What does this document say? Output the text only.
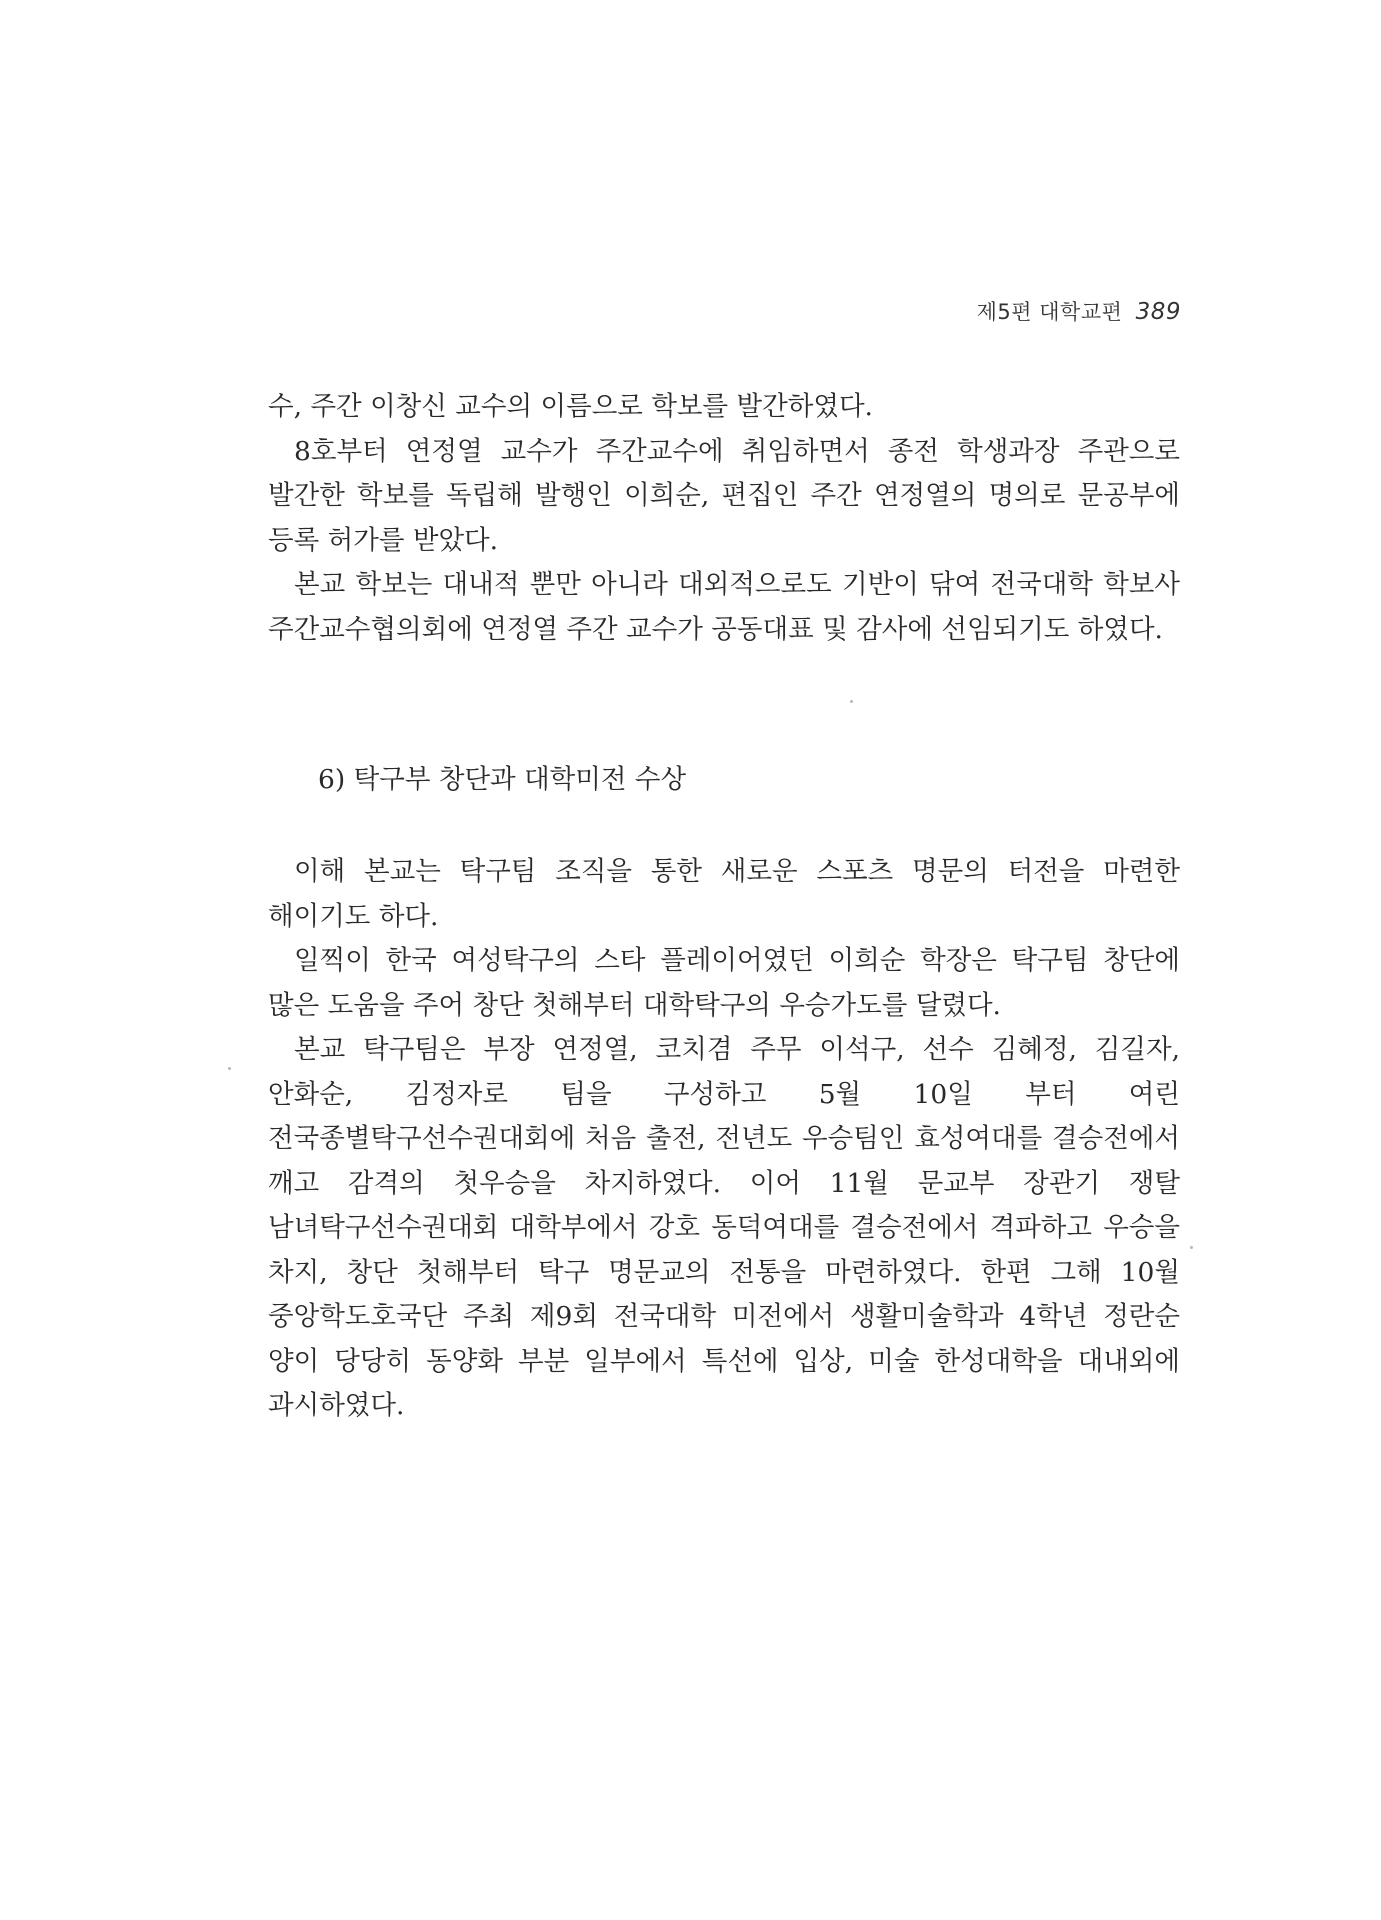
제5편 대학교편 389

수, 주간 이창신 교수의 이름으로 학보를 발간하였다.

8호부터 연정열 교수가 주간교수에 취임하면서 종전 학생과장 주관으로 발간한 학보를 독립해 발행인 이희순, 편집인 주간 연정열의 명의로 문공부에 등록 허가를 받았다.

본교 학보는 대내적 뿐만 아니라 대외적으로도 기반이 닦여 전국대학 학보사 주간교수협의회에 연정열 주간 교수가 공동대표 및 감사에 선임되기도 하였다.

6) 탁구부 창단과 대학미전 수상

이해 본교는 탁구팀 조직을 통한 새로운 스포츠 명문의 터전을 마련한 해이기도 하다.

일찍이 한국 여성탁구의 스타 플레이어였던 이희순 학장은 탁구팀 창단에 많은 도움을 주어 창단 첫해부터 대학탁구의 우승가도를 달렸다.

본교 탁구팀은 부장 연정열, 코치겸 주무 이석구, 선수 김혜정, 김길자, 안화순, 김정자로 팀을 구성하고 5월 10일 부터 여린 전국종별탁구선수권대회에 처음 출전, 전년도 우승팀인 효성여대를 결승전에서 깨고 감격의 첫우승을 차지하였다. 이어 11월 문교부 장관기 쟁탈 남녀탁구선수권대회 대학부에서 강호 동덕여대를 결승전에서 격파하고 우승을 차지, 창단 첫해부터 탁구 명문교의 전통을 마련하였다. 한편 그해 10월 중앙학도호국단 주최 제9회 전국대학 미전에서 생활미술학과 4학년 정란순 양이 당당히 동양화 부분 일부에서 특선에 입상, 미술 한성대학을 대내외에 과시하였다.
